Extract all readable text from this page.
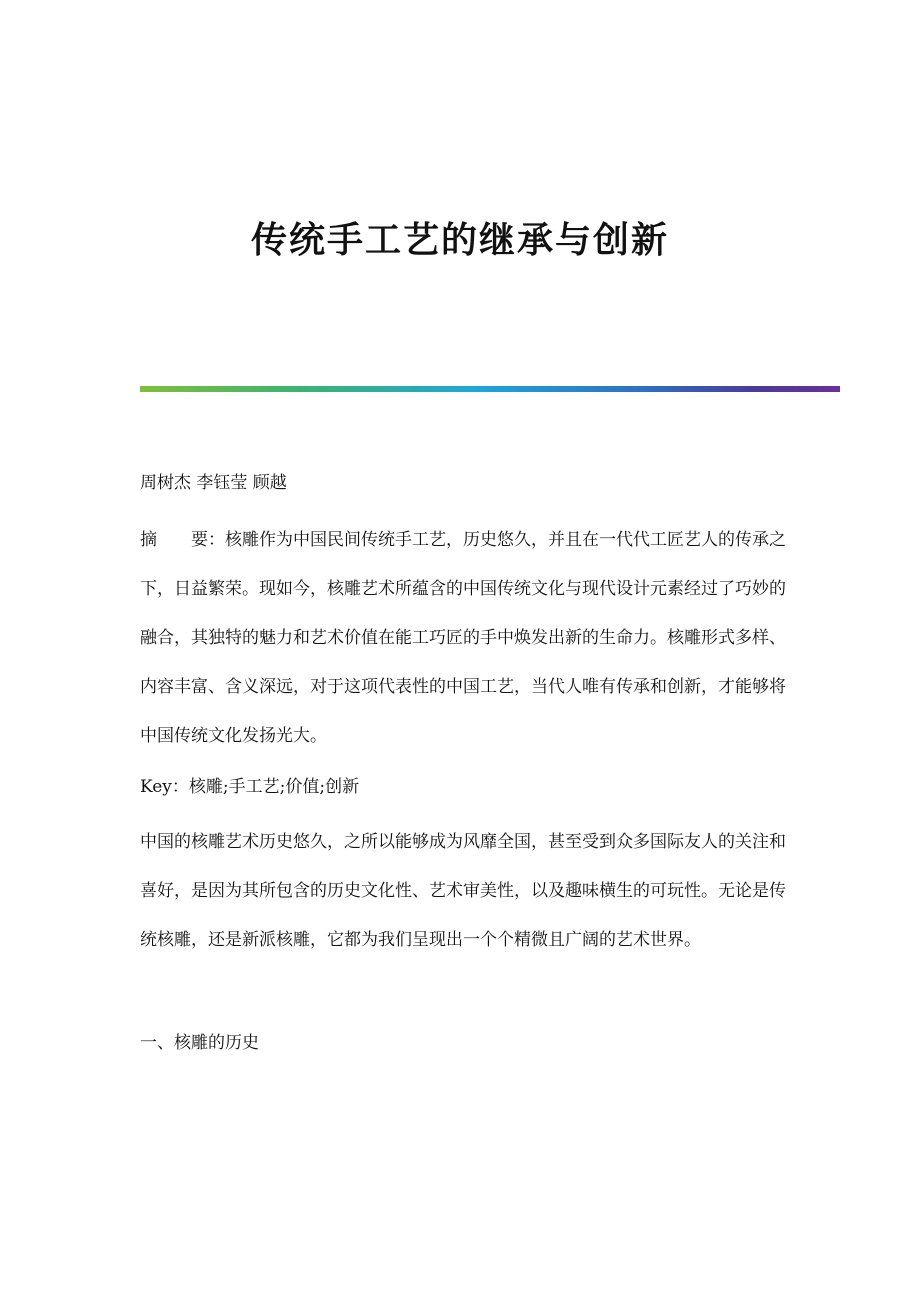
传统手工艺的继承与创新

周树杰 李钰莹 顾越

摘　　要：核雕作为中国民间传统手工艺，历史悠久，并且在一代代工匠艺人的传承之下，日益繁荣。现如今，核雕艺术所蕴含的中国传统文化与现代设计元素经过了巧妙的融合，其独特的魅力和艺术价值在能工巧匠的手中焕发出新的生命力。核雕形式多样、内容丰富、含义深远，对于这项代表性的中国工艺，当代人唯有传承和创新，才能够将中国传统文化发扬光大。

Key：核雕;手工艺;价值;创新

中国的核雕艺术历史悠久，之所以能够成为风靡全国，甚至受到众多国际友人的关注和喜好，是因为其所包含的历史文化性、艺术审美性，以及趣味横生的可玩性。无论是传统核雕，还是新派核雕，它都为我们呈现出一个个精微且广阔的艺术世界。

一、核雕的历史
